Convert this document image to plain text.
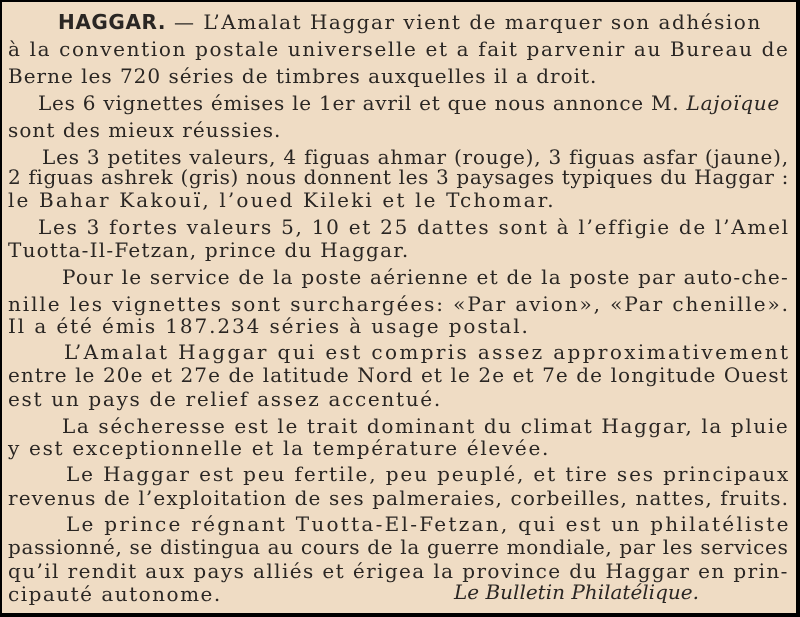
HAGGAR. — L’Amalat Haggar vient de marquer son adhésion
à la convention postale universelle et a fait parvenir au Bureau de
Berne les 720 séries de timbres auxquelles il a droit.
Les 6 vignettes émises le 1er avril et que nous annonce M. Lajoïque
sont des mieux réussies.
Les 3 petites valeurs, 4 figuas ahmar (rouge), 3 figuas asfar (jaune),
2 figuas ashrek (gris) nous donnent les 3 paysages typiques du Haggar :
le Bahar Kakouï, l’oued Kileki et le Tchomar.
Les 3 fortes valeurs 5, 10 et 25 dattes sont à l’effigie de l’Amel
Tuotta-Il-Fetzan, prince du Haggar.
Pour le service de la poste aérienne et de la poste par auto-che-
nille les vignettes sont surchargées: «Par avion», «Par chenille».
Il a été émis 187.234 séries à usage postal.
L’Amalat Haggar qui est compris assez approximativement
entre le 20e et 27e de latitude Nord et le 2e et 7e de longitude Ouest
est un pays de relief assez accentué.
La sécheresse est le trait dominant du climat Haggar, la pluie
y est exceptionnelle et la température élevée.
Le Haggar est peu fertile, peu peuplé, et tire ses principaux
revenus de l’exploitation de ses palmeraies, corbeilles, nattes, fruits.
Le prince régnant Tuotta-El-Fetzan, qui est un philatéliste
passionné, se distingua au cours de la guerre mondiale, par les services
qu’il rendit aux pays alliés et érigea la province du Haggar en prin-
cipauté autonome.	Le Bulletin Philatélique.
